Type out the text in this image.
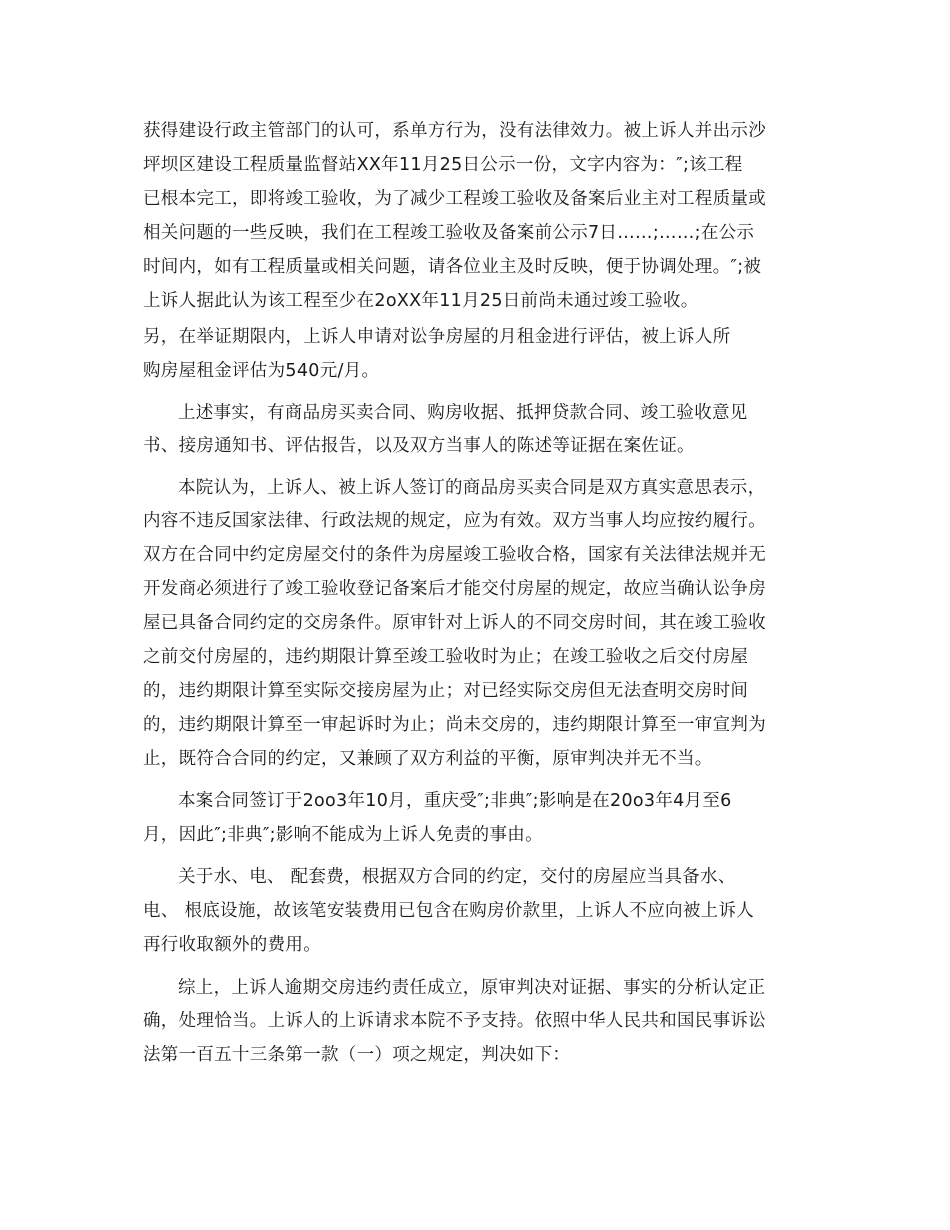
获得建设行政主管部门的认可，系单方行为，没有法律效力。被上诉人并出示沙

坪坝区建设工程质量监督站XX年11月25日公示一份，文字内容为：″;该工程

已根本完工，即将竣工验收，为了减少工程竣工验收及备案后业主对工程质量或

相关问题的一些反映，我们在工程竣工验收及备案前公示7日……;……;在公示

时间内，如有工程质量或相关问题，请各位业主及时反映，便于协调处理。″;被

上诉人据此认为该工程至少在2oXX年11月25日前尚未通过竣工验收。

另，在举证期限内，上诉人申请对讼争房屋的月租金进行评估，被上诉人所

购房屋租金评估为540元/月。

上述事实，有商品房买卖合同、购房收据、抵押贷款合同、竣工验收意见

书、接房通知书、评估报告，以及双方当事人的陈述等证据在案佐证。

本院认为，上诉人、被上诉人签订的商品房买卖合同是双方真实意思表示，

内容不违反国家法律、行政法规的规定，应为有效。双方当事人均应按约履行。

双方在合同中约定房屋交付的条件为房屋竣工验收合格，国家有关法律法规并无

开发商必须进行了竣工验收登记备案后才能交付房屋的规定，故应当确认讼争房

屋已具备合同约定的交房条件。原审针对上诉人的不同交房时间，其在竣工验收

之前交付房屋的，违约期限计算至竣工验收时为止；在竣工验收之后交付房屋

的，违约期限计算至实际交接房屋为止；对已经实际交房但无法查明交房时间

的，违约期限计算至一审起诉时为止；尚未交房的，违约期限计算至一审宣判为

止，既符合合同的约定，又兼顾了双方利益的平衡，原审判决并无不当。

本案合同签订于2oo3年10月，重庆受″;非典″;影响是在20o3年4月至6

月，因此″;非典″;影响不能成为上诉人免责的事由。

关于水、电、 配套费，根据双方合同的约定，交付的房屋应当具备水、

电、 根底设施，故该笔安装费用已包含在购房价款里，上诉人不应向被上诉人

再行收取额外的费用。

综上，上诉人逾期交房违约责任成立，原审判决对证据、事实的分析认定正

确，处理恰当。上诉人的上诉请求本院不予支持。依照中华人民共和国民事诉讼

法第一百五十三条第一款（一）项之规定，判决如下：
